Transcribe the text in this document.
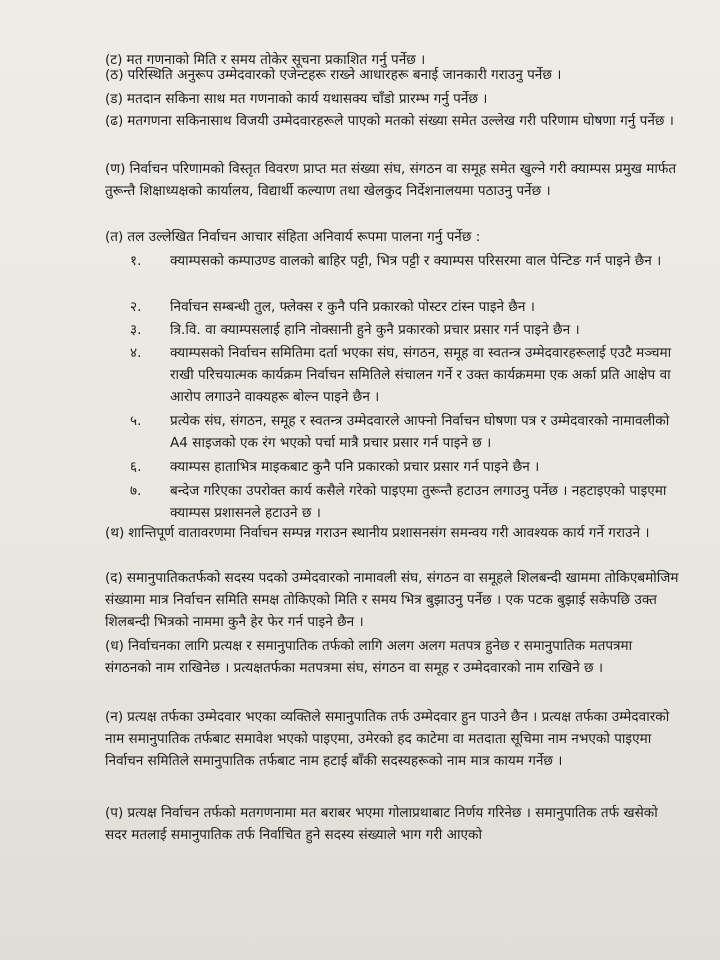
(ट) मत गणनाको मिति र समय तोकेर सूचना प्रकाशित गर्नु पर्नेछ ।
(ठ) परिस्थिति अनुरूप उम्मेदवारको एजेन्टहरू राख्ने आधारहरू बनाई जानकारी गराउनु पर्नेछ ।
(ड) मतदान सकिना साथ मत गणनाको कार्य यथासक्य चाँडो प्रारम्भ गर्नु पर्नेछ ।
(ढ) मतगणना सकिनासाथ विजयी उम्मेदवारहरूले पाएको मतको संख्या समेत उल्लेख गरी परिणाम घोषणा गर्नु पर्नेछ ।
(ण) निर्वाचन परिणामको विस्तृत विवरण प्राप्त मत संख्या संघ, संगठन वा समूह समेत खुल्ने गरी क्याम्पस प्रमुख मार्फत तुरून्तै शिक्षाध्यक्षको कार्यालय, विद्यार्थी कल्याण तथा खेलकुद निर्देशनालयमा पठाउनु पर्नेछ ।
(त) तल उल्लेखित निर्वाचन आचार संहिता अनिवार्य रूपमा पालना गर्नु पर्नेछ :
१.	क्याम्पसको कम्पाउण्ड वालको बाहिर पट्टी, भित्र पट्टी र क्याम्पस परिसरमा वाल पेन्टिङ गर्न पाइने छैन ।
२.	निर्वाचन सम्बन्धी तुल, फ्लेक्स र कुनै पनि प्रकारको पोस्टर टांस्न पाइने छैन ।
३.	त्रि.वि. वा क्याम्पसलाई हानि नोक्सानी हुने कुनै प्रकारको प्रचार प्रसार गर्न पाइने छैन ।
४.	क्याम्पसको निर्वाचन समितिमा दर्ता भएका संघ, संगठन, समूह वा स्वतन्त्र उम्मेदवारहरूलाई एउटै मञ्चमा राखी परिचयात्मक कार्यक्रम निर्वाचन समितिले संचालन गर्ने र उक्त कार्यक्रममा एक अर्का प्रति आक्षेप वा आरोप लगाउने वाक्यहरू बोल्न पाइने छैन ।
५.	प्रत्येक संघ, संगठन, समूह र स्वतन्त्र उम्मेदवारले आफ्नो निर्वाचन घोषणा पत्र र उम्मेदवारको नामावलीको A4 साइजको एक रंग भएको पर्चा मात्रै प्रचार प्रसार गर्न पाइने छ ।
६.	क्याम्पस हाताभित्र माइकबाट कुनै पनि प्रकारको प्रचार प्रसार गर्न पाइने छैन ।
७.	बन्देज गरिएका उपरोक्त कार्य कसैले गरेको पाइएमा तुरून्तै हटाउन लगाउनु पर्नेछ । नहटाइएको पाइएमा क्याम्पस प्रशासनले हटाउने छ ।
(थ) शान्तिपूर्ण वातावरणमा निर्वाचन सम्पन्न गराउन स्थानीय प्रशासनसंग समन्वय गरी आवश्यक कार्य गर्ने गराउने ।
(द) समानुपातिकतर्फको सदस्य पदको उम्मेदवारको नामावली संघ, संगठन वा समूहले शिलबन्दी खाममा तोकिएबमोजिम संख्यामा मात्र निर्वाचन समिति समक्ष तोकिएको मिति र समय भित्र बुझाउनु पर्नेछ । एक पटक बुझाई सकेपछि उक्त शिलबन्दी भित्रको नाममा कुनै हेर फेर गर्न पाइने छैन ।
(ध) निर्वाचनका लागि प्रत्यक्ष र समानुपातिक तर्फको लागि अलग अलग मतपत्र हुनेछ र समानुपातिक मतपत्रमा संगठनको नाम राखिनेछ । प्रत्यक्षतर्फका मतपत्रमा संघ, संगठन वा समूह र उम्मेदवारको नाम राखिने छ ।
(न) प्रत्यक्ष तर्फका उम्मेदवार भएका व्यक्तिले समानुपातिक तर्फ उम्मेदवार हुन पाउने छैन । प्रत्यक्ष तर्फका उम्मेदवारको नाम समानुपातिक तर्फबाट समावेश भएको पाइएमा, उमेरको हद काटेमा वा मतदाता सूचिमा नाम नभएको पाइएमा निर्वाचन समितिले समानुपातिक तर्फबाट नाम हटाई बाँकी सदस्यहरूको नाम मात्र कायम गर्नेछ ।
(प) प्रत्यक्ष निर्वाचन तर्फको मतगणनामा मत बराबर भएमा गोलाप्रथाबाट निर्णय गरिनेछ । समानुपातिक तर्फ खसेको सदर मतलाई समानुपातिक तर्फ निर्वाचित हुने सदस्य संख्याले भाग गरी आएको
